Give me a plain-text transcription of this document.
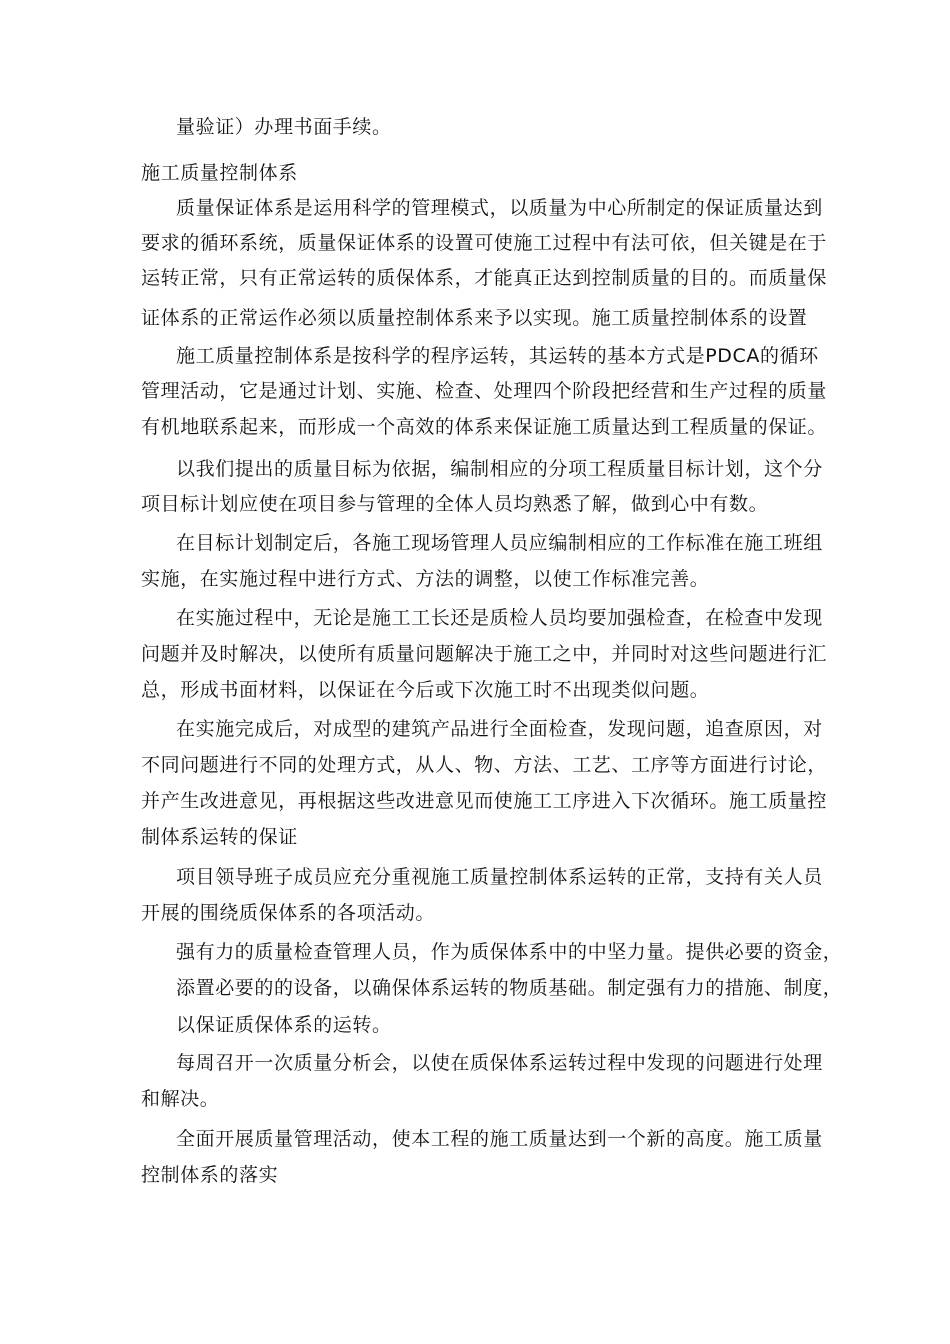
量验证）办理书面手续。
施工质量控制体系
质量保证体系是运用科学的管理模式，以质量为中心所制定的保证质量达到
要求的循环系统，质量保证体系的设置可使施工过程中有法可依，但关键是在于
运转正常，只有正常运转的质保体系，才能真正达到控制质量的目的。而质量保
证体系的正常运作必须以质量控制体系来予以实现。施工质量控制体系的设置
施工质量控制体系是按科学的程序运转，其运转的基本方式是PDCA的循环
管理活动，它是通过计划、实施、检查、处理四个阶段把经营和生产过程的质量
有机地联系起来，而形成一个高效的体系来保证施工质量达到工程质量的保证。
以我们提出的质量目标为依据，编制相应的分项工程质量目标计划，这个分
项目标计划应使在项目参与管理的全体人员均熟悉了解，做到心中有数。
在目标计划制定后，各施工现场管理人员应编制相应的工作标准在施工班组
实施，在实施过程中进行方式、方法的调整，以使工作标准完善。
在实施过程中，无论是施工工长还是质检人员均要加强检查，在检查中发现
问题并及时解决，以使所有质量问题解决于施工之中，并同时对这些问题进行汇
总，形成书面材料，以保证在今后或下次施工时不出现类似问题。
在实施完成后，对成型的建筑产品进行全面检查，发现问题，追查原因，对
不同问题进行不同的处理方式，从人、物、方法、工艺、工序等方面进行讨论，
并产生改进意见，再根据这些改进意见而使施工工序进入下次循环。施工质量控
制体系运转的保证
项目领导班子成员应充分重视施工质量控制体系运转的正常，支持有关人员
开展的围绕质保体系的各项活动。
强有力的质量检查管理人员，作为质保体系中的中坚力量。提供必要的资金，
添置必要的的设备，以确保体系运转的物质基础。制定强有力的措施、制度，
以保证质保体系的运转。
每周召开一次质量分析会，以使在质保体系运转过程中发现的问题进行处理
和解决。
全面开展质量管理活动，使本工程的施工质量达到一个新的高度。施工质量
控制体系的落实
